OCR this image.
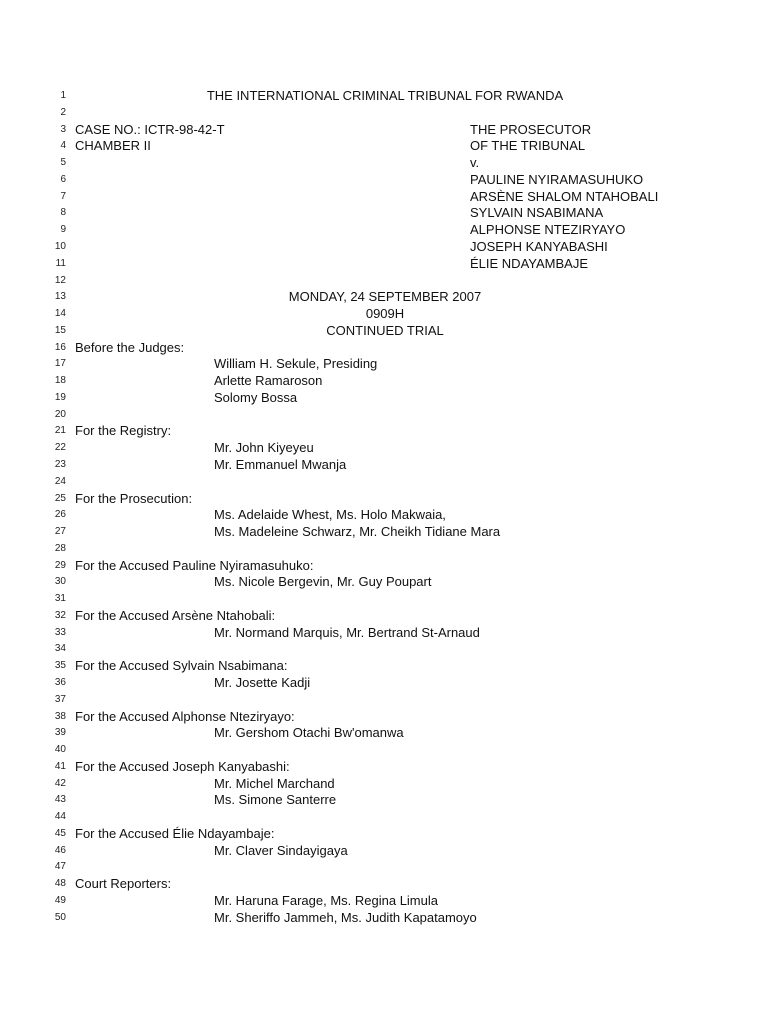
1	THE INTERNATIONAL CRIMINAL TRIBUNAL FOR RWANDA
2
3 CASE NO.: ICTR-98-42-T	THE PROSECUTOR
4 CHAMBER II	OF THE TRIBUNAL
5	v.
6	PAULINE NYIRAMASUHUKO
7	ARSÈNE SHALOM NTAHOBALI
8	SYLVAIN NSABIMANA
9	ALPHONSE NTEZIRYAYO
10	JOSEPH KANYABASHI
11	ÉLIE NDAYAMBAJE
12
13	MONDAY, 24 SEPTEMBER 2007
14	0909H
15	CONTINUED TRIAL
16 Before the Judges:
17	William H. Sekule, Presiding
18	Arlette Ramaroson
19	Solomy Bossa
20
21 For the Registry:
22	Mr. John Kiyeyeu
23	Mr. Emmanuel Mwanja
24
25 For the Prosecution:
26	Ms. Adelaide Whest, Ms. Holo Makwaia,
27	Ms. Madeleine Schwarz, Mr. Cheikh Tidiane Mara
28
29 For the Accused Pauline Nyiramasuhuko:
30	Ms. Nicole Bergevin, Mr. Guy Poupart
31
32 For the Accused Arsène Ntahobali:
33	Mr. Normand Marquis, Mr. Bertrand St-Arnaud
34
35 For the Accused Sylvain Nsabimana:
36	Mr. Josette Kadji
37
38 For the Accused Alphonse Nteziryayo:
39	Mr. Gershom Otachi Bw'omanwa
40
41 For the Accused Joseph Kanyabashi:
42	Mr. Michel Marchand
43	Ms. Simone Santerre
44
45 For the Accused Élie Ndayambaje:
46	Mr. Claver Sindayigaya
47
48 Court Reporters:
49	Mr. Haruna Farage, Ms. Regina Limula
50	Mr. Sheriffo Jammeh, Ms. Judith Kapatamoyo
